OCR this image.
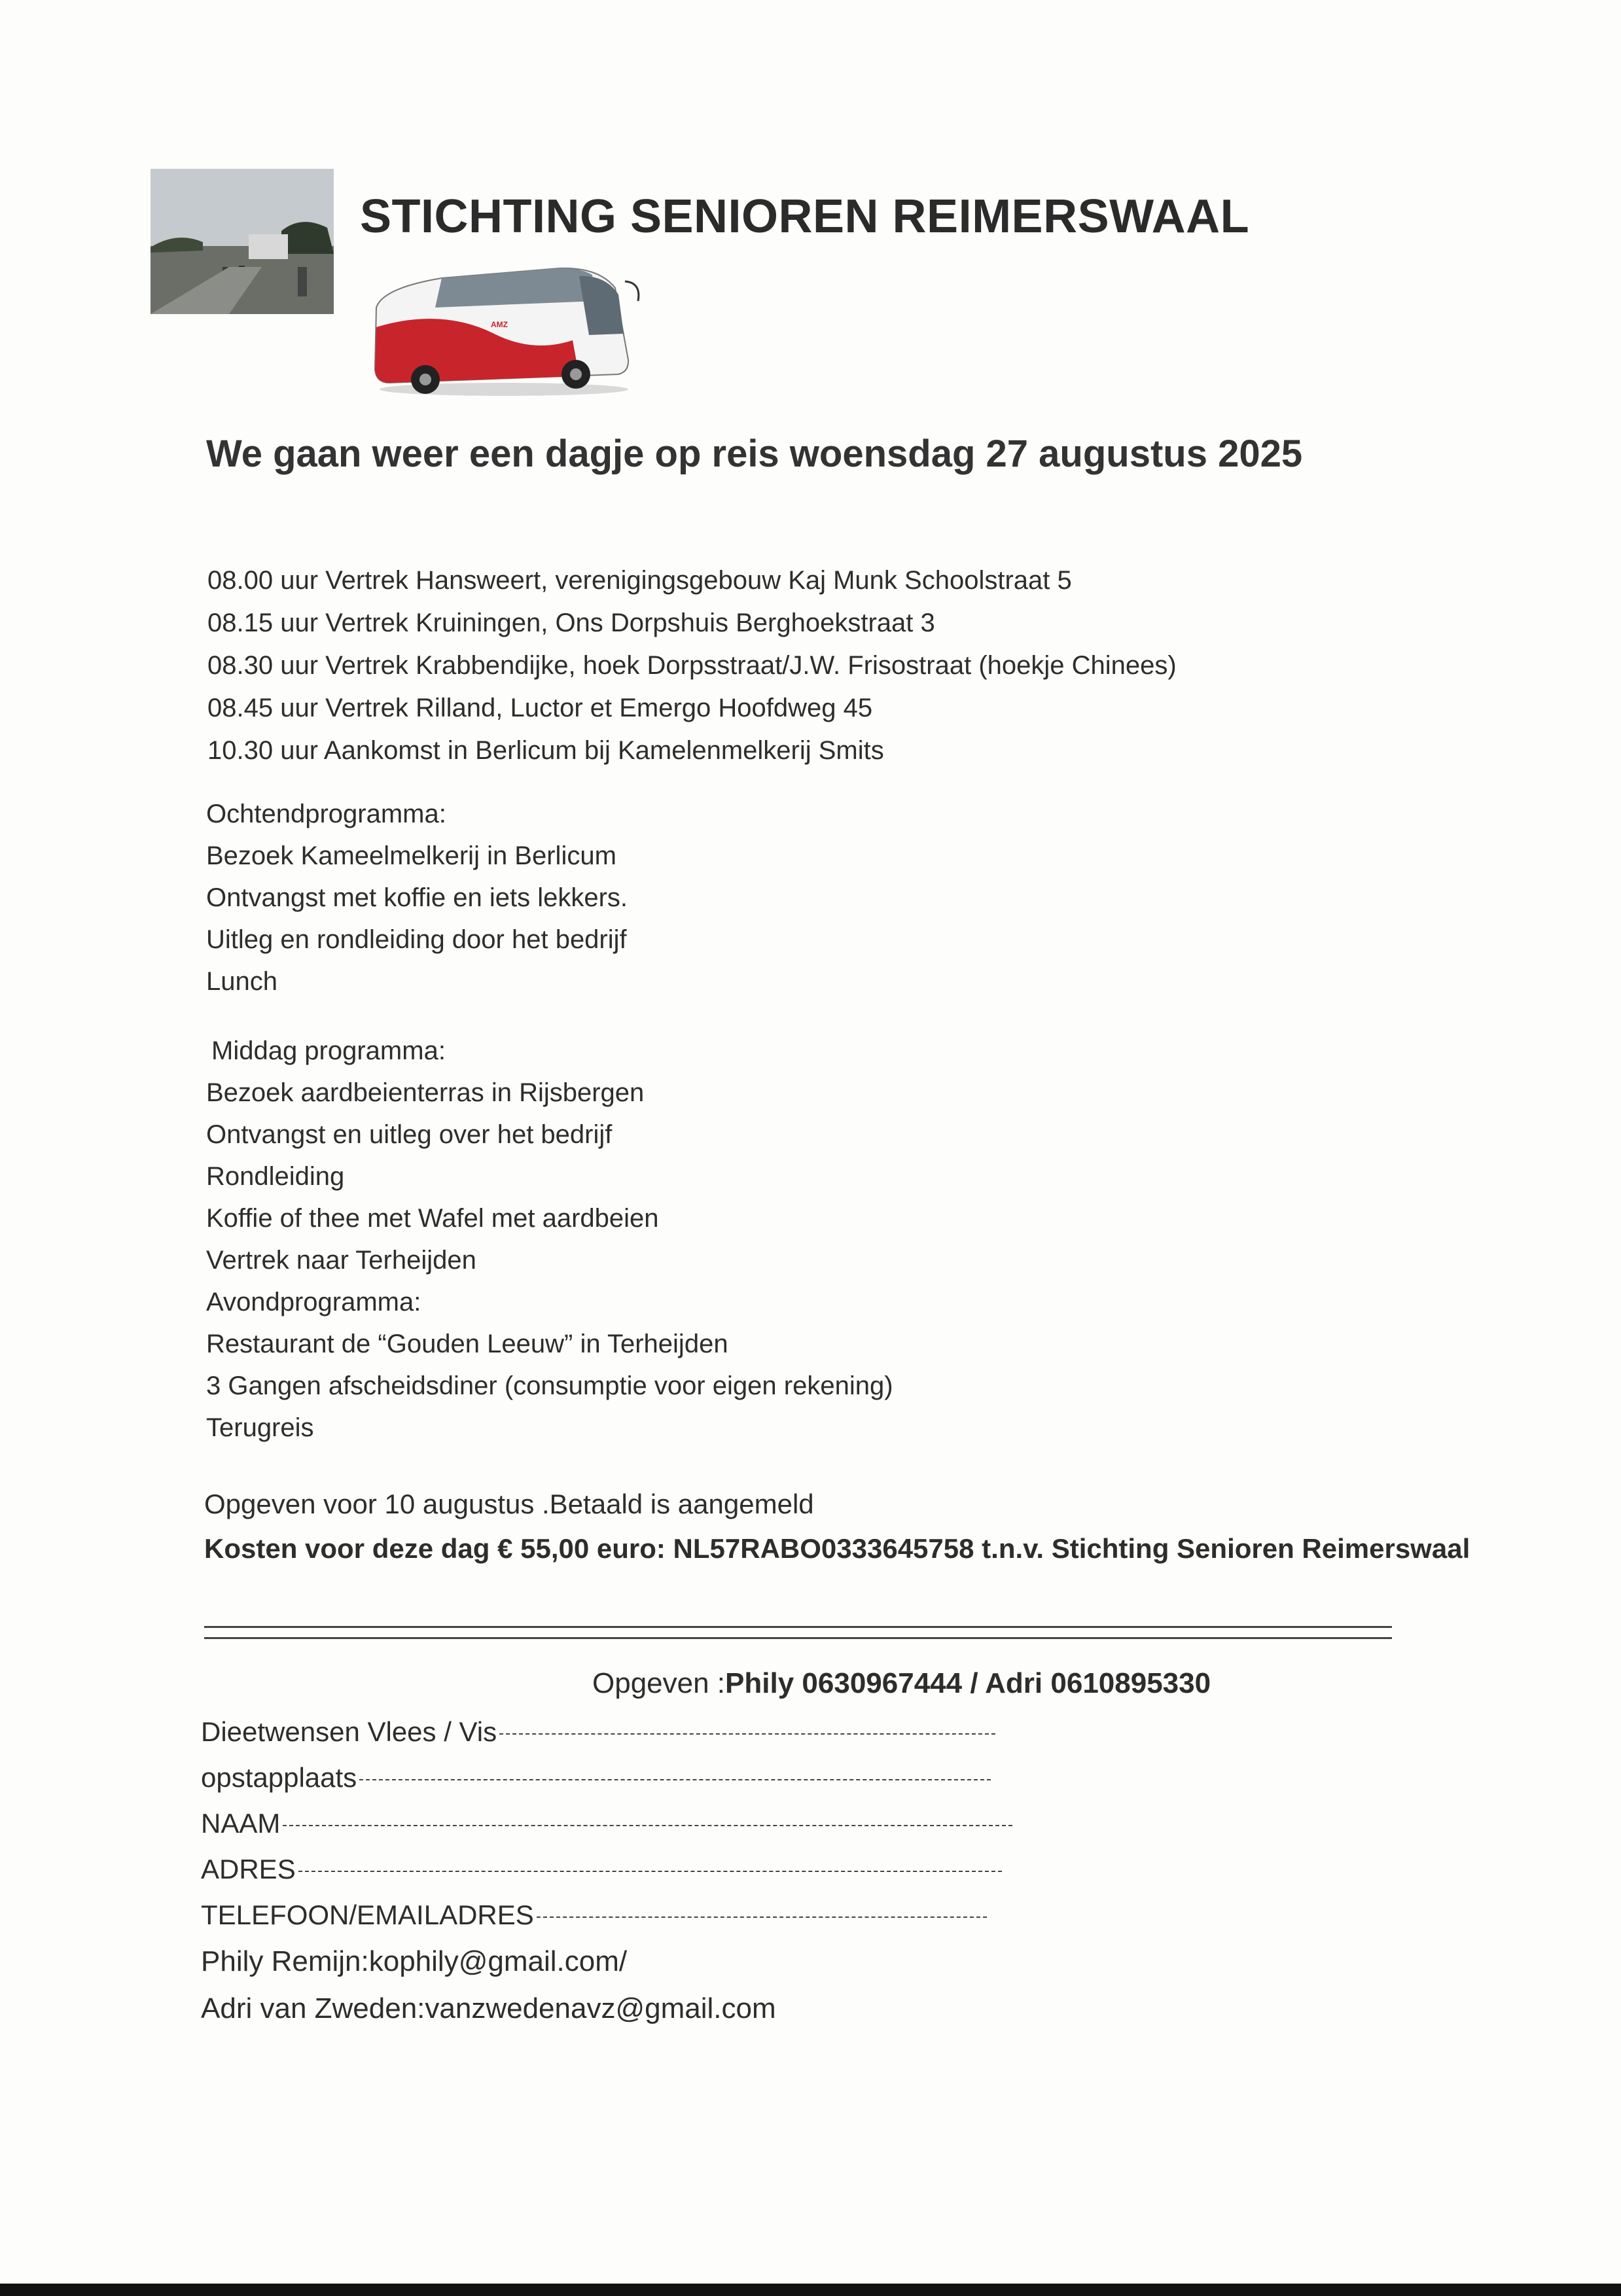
STICHTING SENIOREN REIMERSWAAL
AMZ
We gaan weer een dagje op reis woensdag 27 augustus 2025
08.00 uur Vertrek Hansweert, verenigingsgebouw Kaj Munk Schoolstraat 5
08.15 uur Vertrek Kruiningen, Ons Dorpshuis Berghoekstraat 3
08.30 uur Vertrek Krabbendijke, hoek Dorpsstraat/J.W. Frisostraat (hoekje Chinees)
08.45 uur Vertrek Rilland, Luctor et Emergo Hoofdweg 45
10.30 uur Aankomst in Berlicum bij Kamelenmelkerij Smits
Ochtendprogramma:
Bezoek Kameelmelkerij in Berlicum
Ontvangst met koffie en iets lekkers.
Uitleg en rondleiding door het bedrijf
Lunch
Middag programma:
Bezoek aardbeienterras in Rijsbergen
Ontvangst en uitleg over het bedrijf
Rondleiding
Koffie of thee met Wafel met aardbeien
Vertrek naar Terheijden
Avondprogramma:
Restaurant de “Gouden Leeuw” in Terheijden
3 Gangen afscheidsdiner (consumptie voor eigen rekening)
Terugreis
Opgeven voor 10 augustus .Betaald is aangemeld
Kosten voor deze dag € 55,00 euro: NL57RABO0333645758 t.n.v. Stichting Senioren Reimerswaal
Opgeven :Phily 0630967444 / Adri 0610895330
Dieetwensen Vlees / Vis
opstapplaats
NAAM
ADRES
TELEFOON/EMAILADRES
Phily Remijn:kophily@gmail.com/
Adri van Zweden:vanzwedenavz@gmail.com
